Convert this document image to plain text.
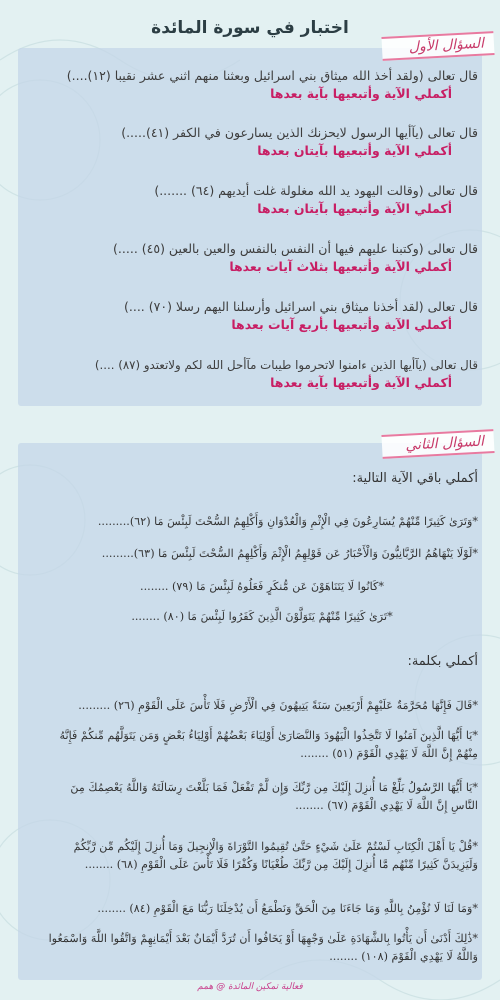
اختبار في سورة المائدة
السؤال الأول
قال تعالى (ولقد أخذ الله ميثاق بني اسرائيل وبعثنا منهم اثني عشر نقيبا (١٢)....)
أكملي الآية وأتبعيها بآية بعدها
قال تعالى (يآأيها الرسول لايحزنك الذين يسارعون في الكفر (٤١).....)
أكملي الآية وأتبعيها بآيتان بعدها
قال تعالى (وقالت اليهود يد الله مغلولة غلت أيديهم (٦٤) .......)
أكملي الآية وأتبعيها بآيتان بعدها
قال تعالى (وكتبنا عليهم فيها أن النفس بالنفس والعين بالعين (٤٥) .....)
أكملي الآية وأتبعيها بثلاث آيات بعدها
قال تعالى (لقد أخذنا ميثاق بني اسرائيل وأرسلنا اليهم رسلا (٧٠) ....)
أكملي الآية وأتبعيها بأربع آيات بعدها
قال تعالى (يآأيها الذين ءامنوا لاتحرموا طيبات مآأحل الله لكم ولاتعتدو (٨٧) ....)
أكملي الآية وأتبعيها بآية بعدها
السؤال الثاني
أكملي باقي الآية التالية:
*وَتَرَىٰ كَثِيرًا مِّنْهُمْ يُسَارِعُونَ فِي الْإِثْمِ وَالْعُدْوَانِ وَأَكْلِهِمُ السُّحْتَ لَبِئْسَ مَا (٦٢).........
*لَوْلَا يَنْهَاهُمُ الرَّبَّانِيُّونَ وَالْأَحْبَارُ عَن قَوْلِهِمُ الْإِثْمَ وَأَكْلِهِمُ السُّحْتَ لَبِئْسَ مَا (٦٣).........
*كَانُوا لَا يَتَنَاهَوْنَ عَن مُّنكَرٍ فَعَلُوهُ لَبِئْسَ مَا (٧٩) ........
*تَرَىٰ كَثِيرًا مِّنْهُمْ يَتَوَلَّوْنَ الَّذِينَ كَفَرُوا لَبِئْسَ مَا (٨٠) ........
أكملي بكلمة:
*قَالَ فَإِنَّهَا مُحَرَّمَةٌ عَلَيْهِمْ أَرْبَعِينَ سَنَةً يَتِيهُونَ فِي الْأَرْضِ فَلَا تَأْسَ عَلَى الْقَوْمِ (٢٦) .........
*يَا أَيُّهَا الَّذِينَ آمَنُوا لَا تَتَّخِذُوا الْيَهُودَ وَالنَّصَارَىٰ أَوْلِيَاءَ بَعْضُهُمْ أَوْلِيَاءُ بَعْضٍ وَمَن يَتَوَلَّهُم مِّنكُمْ فَإِنَّهُ مِنْهُمْ إِنَّ اللَّهَ لَا يَهْدِي الْقَوْمَ (٥١) ........
*يَا أَيُّهَا الرَّسُولُ بَلِّغْ مَا أُنزِلَ إِلَيْكَ مِن رَّبِّكَ وَإِن لَّمْ تَفْعَلْ فَمَا بَلَّغْتَ رِسَالَتَهُ وَاللَّهُ يَعْصِمُكَ مِنَ النَّاسِ إِنَّ اللَّهَ لَا يَهْدِي الْقَوْمَ (٦٧) ........
*قُلْ يَا أَهْلَ الْكِتَابِ لَسْتُمْ عَلَىٰ شَيْءٍ حَتَّىٰ تُقِيمُوا التَّوْرَاةَ وَالْإِنجِيلَ وَمَا أُنزِلَ إِلَيْكُم مِّن رَّبِّكُمْ وَلَيَزِيدَنَّ كَثِيرًا مِّنْهُم مَّا أُنزِلَ إِلَيْكَ مِن رَّبِّكَ طُغْيَانًا وَكُفْرًا فَلَا تَأْسَ عَلَى الْقَوْمِ (٦٨) ........
*وَمَا لَنَا لَا نُؤْمِنُ بِاللَّهِ وَمَا جَاءَنَا مِنَ الْحَقِّ وَنَطْمَعُ أَن يُدْخِلَنَا رَبُّنَا مَعَ الْقَوْمِ (٨٤) ........
*ذَٰلِكَ أَدْنَىٰ أَن يَأْتُوا بِالشَّهَادَةِ عَلَىٰ وَجْهِهَا أَوْ يَخَافُوا أَن تُرَدَّ أَيْمَانٌ بَعْدَ أَيْمَانِهِمْ وَاتَّقُوا اللَّهَ وَاسْمَعُوا وَاللَّهُ لَا يَهْدِي الْقَوْمَ (١٠٨) ........
فعالية تمكين المائدة @ همم
